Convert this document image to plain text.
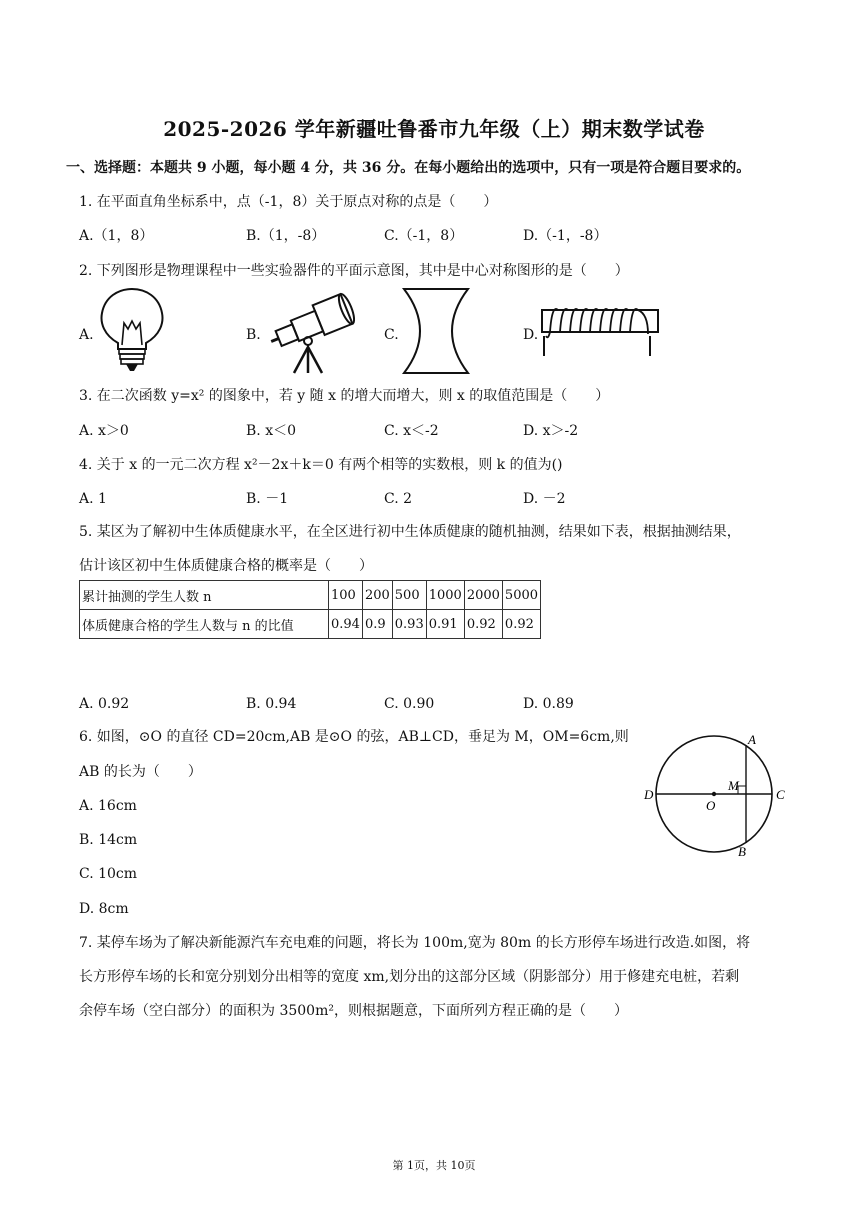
2025-2026 学年新疆吐鲁番市九年级（上）期末数学试卷
一、选择题：本题共 9 小题，每小题 4 分，共 36 分。在每小题给出的选项中，只有一项是符合题目要求的。
1. 在平面直角坐标系中，点（-1，8）关于原点对称的点是（　　）
A.（1，8）	B.（1，-8）	C.（-1，8）	D.（-1，-8）
2. 下列图形是物理课程中一些实验器件的平面示意图，其中是中心对称图形的是（　　）
A.	B.	C.	D.
3. 在二次函数 y=x² 的图象中，若 y 随 x 的增大而增大，则 x 的取值范围是（　　）
A. x＞0	B. x＜0	C. x＜-2	D. x＞-2
4. 关于 x 的一元二次方程 x²－2x＋k＝0 有两个相等的实数根，则 k 的值为()
A. 1	B. －1	C. 2	D. －2
5. 某区为了解初中生体质健康水平，在全区进行初中生体质健康的随机抽测，结果如下表，根据抽测结果，
估计该区初中生体质健康合格的概率是（　　）
累计抽测的学生人数 n	100	200	500	1000	2000	5000
体质健康合格的学生人数与 n 的比值	0.94	0.9	0.93	0.91	0.92	0.92
A. 0.92	B. 0.94	C. 0.90	D. 0.89
6. 如图，⊙O 的直径 CD=20cm,AB 是⊙O 的弦，AB⊥CD，垂足为 M，OM=6cm,则
AB 的长为（　　）
A. 16cm
B. 14cm
C. 10cm
D. 8cm
A
B
C
D
O
M
7. 某停车场为了解决新能源汽车充电难的问题，将长为 100m,宽为 80m 的长方形停车场进行改造.如图，将
长方形停车场的长和宽分别划分出相等的宽度 xm,划分出的这部分区域（阴影部分）用于修建充电桩，若剩
余停车场（空白部分）的面积为 3500m²，则根据题意，下面所列方程正确的是（　　）
第 1页，共 10页
